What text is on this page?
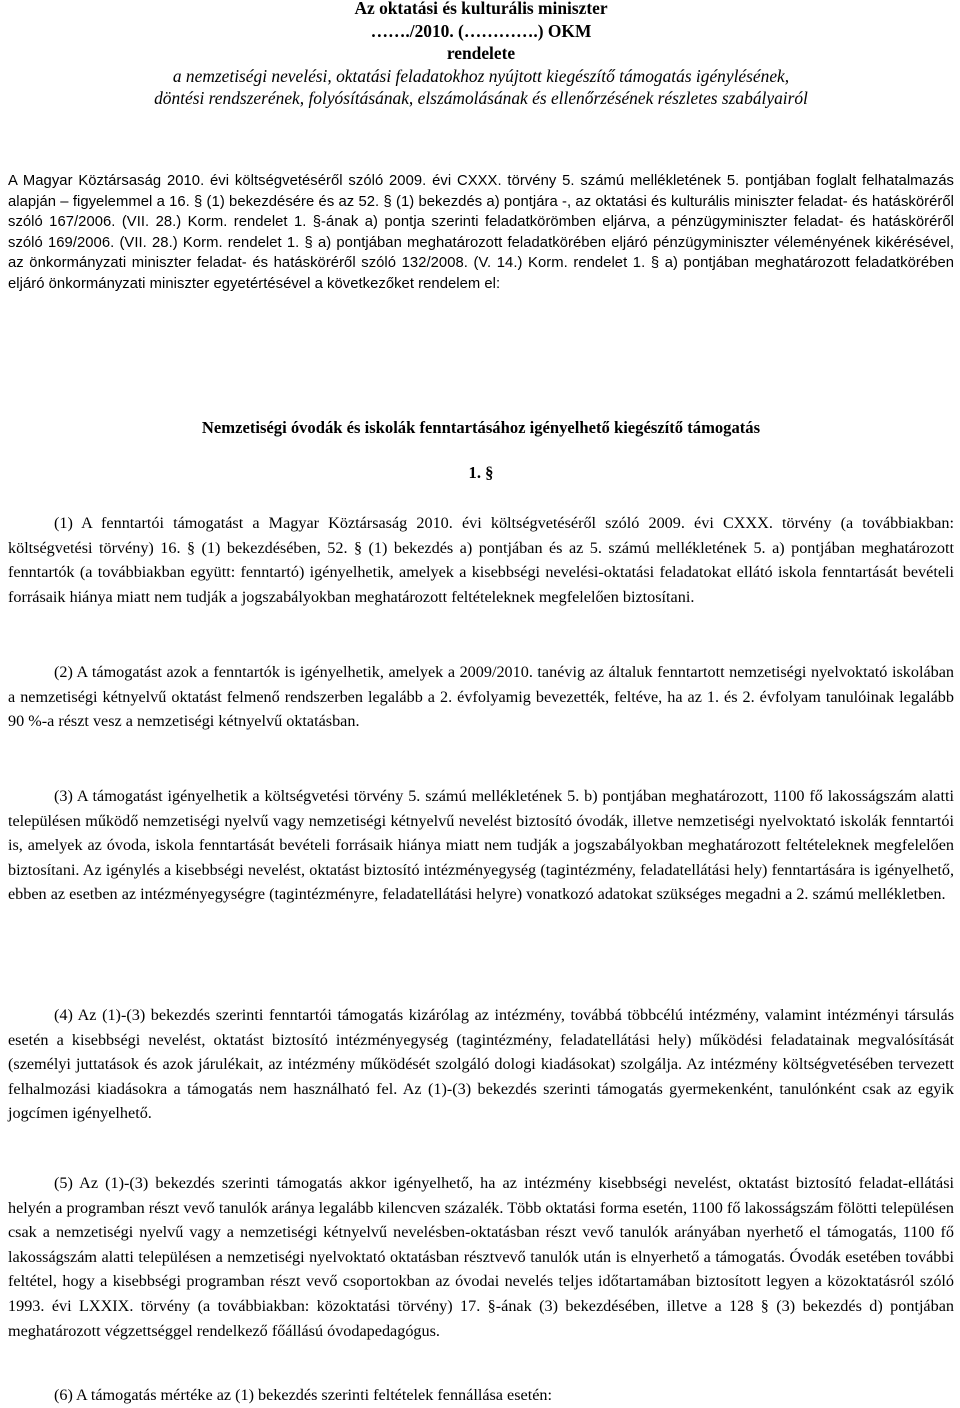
Az oktatási és kulturális miniszter
……./2010. (………….) OKM
rendelete
a nemzetiségi nevelési, oktatási feladatokhoz nyújtott kiegészítő támogatás igénylésének,
döntési rendszerének, folyósításának, elszámolásának és ellenőrzésének részletes szabályairól
A Magyar Köztársaság 2010. évi költségvetéséről szóló 2009. évi CXXX. törvény 5. számú mellékletének 5. pontjában foglalt felhatalmazás alapján – figyelemmel a 16. § (1) bekezdésére és az 52. § (1) bekezdés a) pontjára -, az oktatási és kulturális miniszter feladat- és hatásköréről szóló 167/2006. (VII. 28.) Korm. rendelet 1. §-ának a) pontja szerinti feladatkörömben eljárva, a pénzügyminiszter feladat- és hatásköréről szóló 169/2006. (VII. 28.) Korm. rendelet 1. § a) pontjában meghatározott feladatkörében eljáró pénzügyminiszter véleményének kikérésével, az önkormányzati miniszter feladat- és hatásköréről szóló 132/2008. (V. 14.) Korm. rendelet 1. § a) pontjában meghatározott feladatkörében eljáró önkormányzati miniszter egyetértésével a következőket rendelem el:
Nemzetiségi óvodák és iskolák fenntartásához igényelhető kiegészítő támogatás
1. §
(1) A fenntartói támogatást a Magyar Köztársaság 2010. évi költségvetéséről szóló 2009. évi CXXX. törvény (a továbbiakban: költségvetési törvény) 16. § (1) bekezdésében, 52. § (1) bekezdés a) pontjában és az 5. számú mellékletének 5. a) pontjában meghatározott fenntartók (a továbbiakban együtt: fenntartó) igényelhetik, amelyek a kisebbségi nevelési-oktatási feladatokat ellátó iskola fenntartását bevételi forrásaik hiánya miatt nem tudják a jogszabályokban meghatározott feltételeknek megfelelően biztosítani.
(2) A támogatást azok a fenntartók is igényelhetik, amelyek a 2009/2010. tanévig az általuk fenntartott nemzetiségi nyelvoktató iskolában a nemzetiségi kétnyelvű oktatást felmenő rendszerben legalább a 2. évfolyamig bevezették, feltéve, ha az 1. és 2. évfolyam tanulóinak legalább 90 %-a részt vesz a nemzetiségi kétnyelvű oktatásban.
(3) A támogatást igényelhetik a költségvetési törvény 5. számú mellékletének 5. b) pontjában meghatározott, 1100 fő lakosságszám alatti településen működő nemzetiségi nyelvű vagy nemzetiségi kétnyelvű nevelést biztosító óvodák, illetve nemzetiségi nyelvoktató iskolák fenntartói is, amelyek az óvoda, iskola fenntartását bevételi forrásaik hiánya miatt nem tudják a jogszabályokban meghatározott feltételeknek megfelelően biztosítani. Az igénylés a kisebbségi nevelést, oktatást biztosító intézményegység (tagintézmény, feladatellátási hely) fenntartására is igényelhető, ebben az esetben az intézményegységre (tagintézményre, feladatellátási helyre) vonatkozó adatokat szükséges megadni a 2. számú mellékletben.
(4) Az (1)-(3) bekezdés szerinti fenntartói támogatás kizárólag az intézmény, továbbá többcélú intézmény, valamint intézményi társulás esetén a kisebbségi nevelést, oktatást biztosító intézményegység (tagintézmény, feladatellátási hely) működési feladatainak megvalósítását (személyi juttatások és azok járulékait, az intézmény működését szolgáló dologi kiadásokat) szolgálja. Az intézmény költségvetésében tervezett felhalmozási kiadásokra a támogatás nem használható fel. Az (1)-(3) bekezdés szerinti támogatás gyermekenként, tanulónként csak az egyik jogcímen igényelhető.
(5) Az (1)-(3) bekezdés szerinti támogatás akkor igényelhető, ha az intézmény kisebbségi nevelést, oktatást biztosító feladat-ellátási helyén a programban részt vevő tanulók aránya legalább kilencven százalék. Több oktatási forma esetén, 1100 fő lakosságszám fölötti településen csak a nemzetiségi nyelvű vagy a nemzetiségi kétnyelvű nevelésben-oktatásban részt vevő tanulók arányában nyerhető el támogatás, 1100 fő lakosságszám alatti településen a nemzetiségi nyelvoktató oktatásban résztvevő tanulók után is elnyerhető a támogatás. Óvodák esetében további feltétel, hogy a kisebbségi programban részt vevő csoportokban az óvodai nevelés teljes időtartamában biztosított legyen a közoktatásról szóló 1993. évi LXXIX. törvény (a továbbiakban: közoktatási törvény) 17. §-ának (3) bekezdésében, illetve a 128 § (3) bekezdés d) pontjában meghatározott végzettséggel rendelkező főállású óvodapedagógus.
(6) A támogatás mértéke az (1) bekezdés szerinti feltételek fennállása esetén:
